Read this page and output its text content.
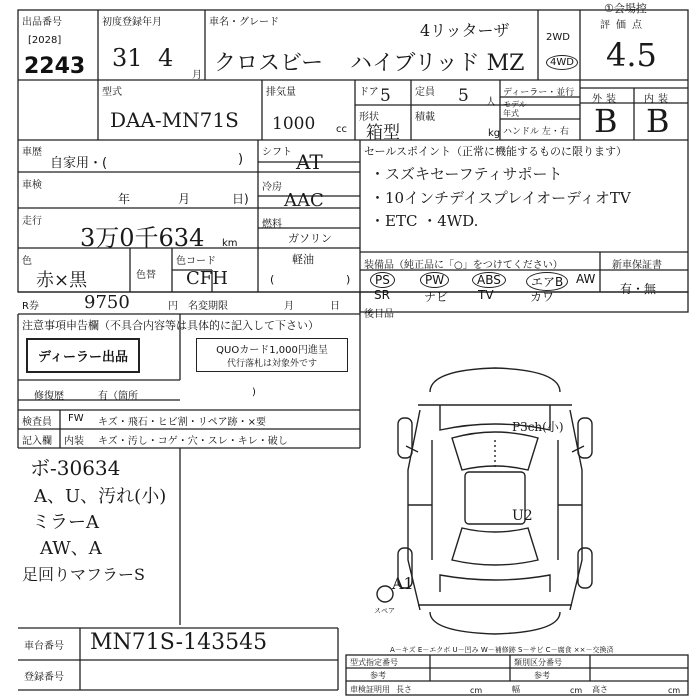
出品番号
[2028]
2243
初度登録年月
31 4
月
車名・グレード	4リッターザ
クロスビー ハイブリッド MZ
2WD
4WD
①会場控
評価点
4.5
型式
DAA-MN71S
排気量
1000 cc
ドア 5 定員 5 人
形状
箱型
積載
kg
ディーラー・並行
モデル年式
ハンドル 左・右
外装 内装
B B
車歴
自家用・(	)
車検
年	月	日)
走行
3万0千634 km
色
赤×黒	色替
色コード
CFH
R券	9750	円 名変期限	月	日
注意事項申告欄（不具合内容等は具体的に記入して下さい）
ディーラー出品	QUOカード1,000円進呈
代行落札は対象外です
修復歴	有（箇所	)
シフト AT
冷房
AAC
燃料
ガソリン
軽油
(	)
セールスポイント（正常に機能するものに限ります）
・スズキセーフティサポート
・10インチデイスプレイオーディオTV
・ETC ・4WD.
装備品（純正品に「○」をつけてください）
PS	PW	ABS	エアB	AW
SR	ナビ TV	カワ
新車保証書
有・無
後目品
検査員
記入欄
FW キズ・飛石・ヒビ割・リペア跡・×要
内装 キズ・汚し・コゲ・穴・スレ・キレ・破し
ボ-30634
A、U、汚れ(小)
ミラーA
AW、A
足回りマフラーS
P3ch(小)
U2
A1
スペア
車台番号 MN71S-143545
登録番号
A－キズ E－エクボ U－凹み W－補修跡 S－サビ C－腐食 ××－交換済
型式指定番号
参考
類別区分番号
参考
車検証明用 長さ	cm	幅	cm 高さ	cm
